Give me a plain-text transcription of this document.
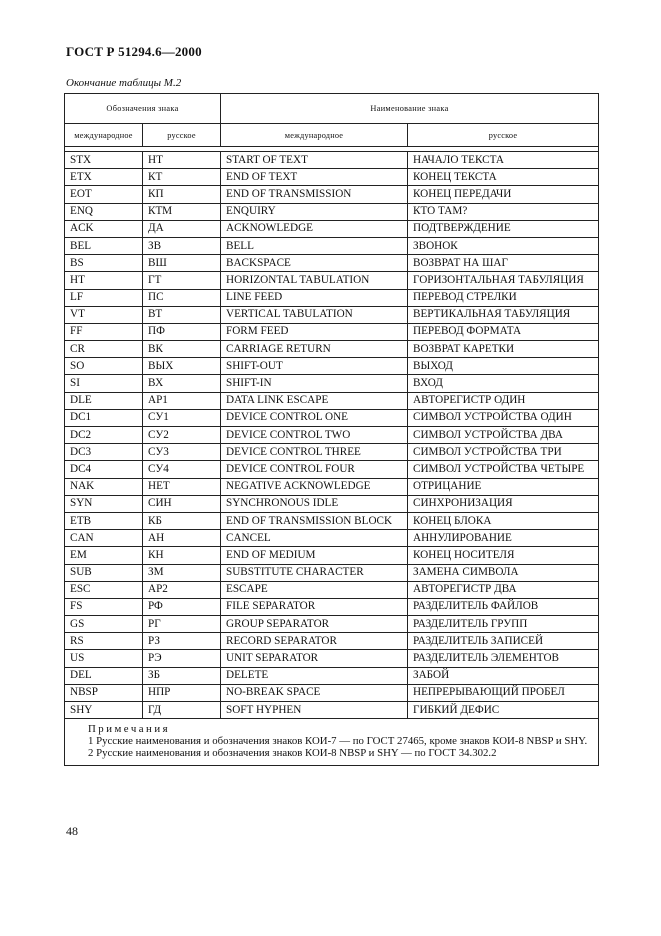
ГОСТ Р 51294.6—2000
Окончание таблицы М.2
Обозначения знака		Наименование знака	
международное	русское	международное	русское

STX	НТ	START OF TEXT	НАЧАЛО ТЕКСТА
ETX	КТ	END OF TEXT	КОНЕЦ ТЕКСТА
EOT	КП	END OF TRANSMISSION	КОНЕЦ ПЕРЕДАЧИ
ENQ	КТМ	ENQUIRY	КТО ТАМ?
ACK	ДА	ACKNOWLEDGE	ПОДТВЕРЖДЕНИЕ
BEL	ЗВ	BELL	ЗВОНОК
BS	ВШ	BACKSPACE	ВОЗВРАТ НА ШАГ
HT	ГТ	HORIZONTAL TABULATION	ГОРИЗОНТАЛЬНАЯ ТАБУЛЯЦИЯ
LF	ПС	LINE FEED	ПЕРЕВОД СТРЕЛКИ
VT	ВТ	VERTICAL TABULATION	ВЕРТИКАЛЬНАЯ ТАБУЛЯЦИЯ
FF	ПФ	FORM FEED	ПЕРЕВОД ФОРМАТА
CR	ВК	CARRIAGE RETURN	ВОЗВРАТ КАРЕТКИ
SO	ВЫХ	SHIFT-OUT	ВЫХОД
SI	ВХ	SHIFT-IN	ВХОД
DLE	АР1	DATA LINK ESCAPE	АВТОРЕГИСТР ОДИН
DC1	СУ1	DEVICE CONTROL ONE	СИМВОЛ УСТРОЙСТВА ОДИН
DC2	СУ2	DEVICE CONTROL TWO	СИМВОЛ УСТРОЙСТВА ДВА
DC3	СУ3	DEVICE CONTROL THREE	СИМВОЛ УСТРОЙСТВА ТРИ
DC4	СУ4	DEVICE CONTROL FOUR	СИМВОЛ УСТРОЙСТВА ЧЕТЫРЕ
NAK	НЕТ	NEGATIVE ACKNOWLEDGE	ОТРИЦАНИЕ
SYN	СИН	SYNCHRONOUS IDLE	СИНХРОНИЗАЦИЯ
ETB	КБ	END OF TRANSMISSION BLOCK	КОНЕЦ БЛОКА
CAN	АН	CANCEL	АННУЛИРОВАНИЕ
EM	КН	END OF MEDIUM	КОНЕЦ НОСИТЕЛЯ
SUB	ЗМ	SUBSTITUTE CHARACTER	ЗАМЕНА СИМВОЛА
ESC	АР2	ESCAPE	АВТОРЕГИСТР ДВА
FS	РФ	FILE SEPARATOR	РАЗДЕЛИТЕЛЬ ФАЙЛОВ
GS	РГ	GROUP SEPARATOR	РАЗДЕЛИТЕЛЬ ГРУПП
RS	РЗ	RECORD SEPARATOR	РАЗДЕЛИТЕЛЬ ЗАПИСЕЙ
US	РЭ	UNIT SEPARATOR	РАЗДЕЛИТЕЛЬ ЭЛЕМЕНТОВ
DEL	ЗБ	DELETE	ЗАБОЙ
NBSP	НПР	NO-BREAK SPACE	НЕПРЕРЫВАЮЩИЙ ПРОБЕЛ
SHY	ГД	SOFT HYPHEN	ГИБКИЙ ДЕФИС

Примечания
1 Русские наименования и обозначения знаков КОИ-7 — по ГОСТ 27465, кроме знаков КОИ-8 NBSP и SHY.
2 Русские наименования и обозначения знаков КОИ-8 NBSP и SHY — по ГОСТ 34.302.2			
48
